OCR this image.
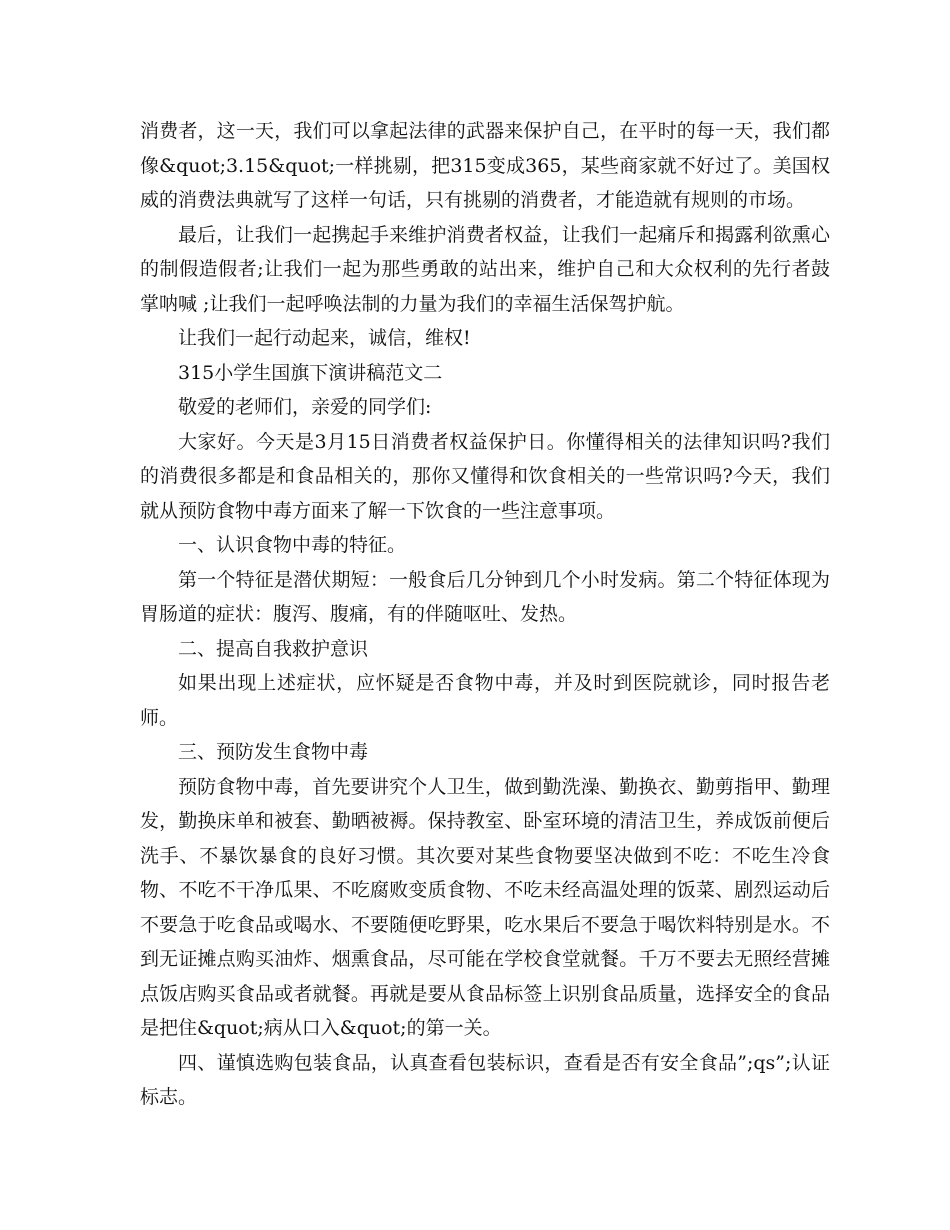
消费者，这一天，我们可以拿起法律的武器来保护自己，在平时的每一天，我们都像&quot;3.15&quot;一样挑剔，把315变成365，某些商家就不好过了。美国权威的消费法典就写了这样一句话，只有挑剔的消费者，才能造就有规则的市场。

最后，让我们一起携起手来维护消费者权益，让我们一起痛斥和揭露利欲熏心的制假造假者;让我们一起为那些勇敢的站出来，维护自己和大众权利的先行者鼓掌呐喊 ;让我们一起呼唤法制的力量为我们的幸福生活保驾护航。

让我们一起行动起来，诚信，维权!

315小学生国旗下演讲稿范文二

敬爱的老师们，亲爱的同学们:

大家好。今天是3月15日消费者权益保护日。你懂得相关的法律知识吗?我们的消费很多都是和食品相关的，那你又懂得和饮食相关的一些常识吗?今天，我们就从预防食物中毒方面来了解一下饮食的一些注意事项。

一、认识食物中毒的特征。

第一个特征是潜伏期短：一般食后几分钟到几个小时发病。第二个特征体现为胃肠道的症状：腹泻、腹痛，有的伴随呕吐、发热。

二、提高自我救护意识

如果出现上述症状，应怀疑是否食物中毒，并及时到医院就诊，同时报告老师。

三、预防发生食物中毒

预防食物中毒，首先要讲究个人卫生，做到勤洗澡、勤换衣、勤剪指甲、勤理发，勤换床单和被套、勤晒被褥。保持教室、卧室环境的清洁卫生，养成饭前便后洗手、不暴饮暴食的良好习惯。其次要对某些食物要坚决做到不吃：不吃生冷食物、不吃不干净瓜果、不吃腐败变质食物、不吃未经高温处理的饭菜、剧烈运动后不要急于吃食品或喝水、不要随便吃野果，吃水果后不要急于喝饮料特别是水。不到无证摊点购买油炸、烟熏食品，尽可能在学校食堂就餐。千万不要去无照经营摊点饭店购买食品或者就餐。再就是要从食品标签上识别食品质量，选择安全的食品是把住&quot;病从口入&quot;的第一关。

四、谨慎选购包装食品，认真查看包装标识，查看是否有安全食品”;qs”;认证标志。
